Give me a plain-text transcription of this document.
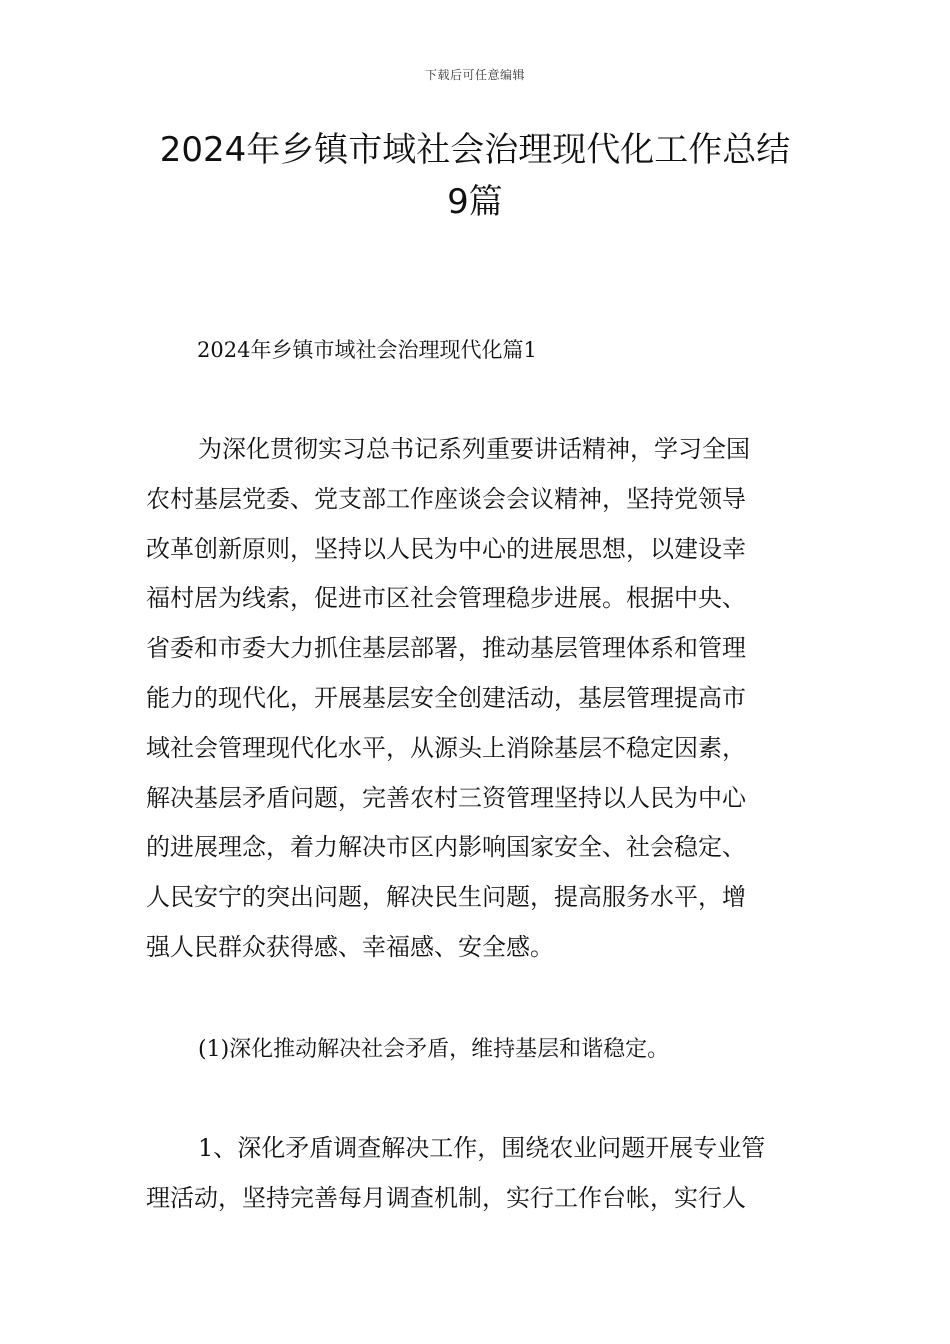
下载后可任意编辑
2024年乡镇市域社会治理现代化工作总结
9篇
2024年乡镇市域社会治理现代化篇1
为深化贯彻实习总书记系列重要讲话精神，学习全国
农村基层党委、党支部工作座谈会会议精神，坚持党领导
改革创新原则，坚持以人民为中心的进展思想，以建设幸
福村居为线索，促进市区社会管理稳步进展。根据中央、
省委和市委大力抓住基层部署，推动基层管理体系和管理
能力的现代化，开展基层安全创建活动，基层管理提高市
域社会管理现代化水平，从源头上消除基层不稳定因素，
解决基层矛盾问题，完善农村三资管理坚持以人民为中心
的进展理念，着力解决市区内影响国家安全、社会稳定、
人民安宁的突出问题，解决民生问题，提高服务水平，增
强人民群众获得感、幸福感、安全感。
(1)深化推动解决社会矛盾，维持基层和谐稳定。
1、深化矛盾调查解决工作，围绕农业问题开展专业管
理活动，坚持完善每月调查机制，实行工作台帐，实行人
